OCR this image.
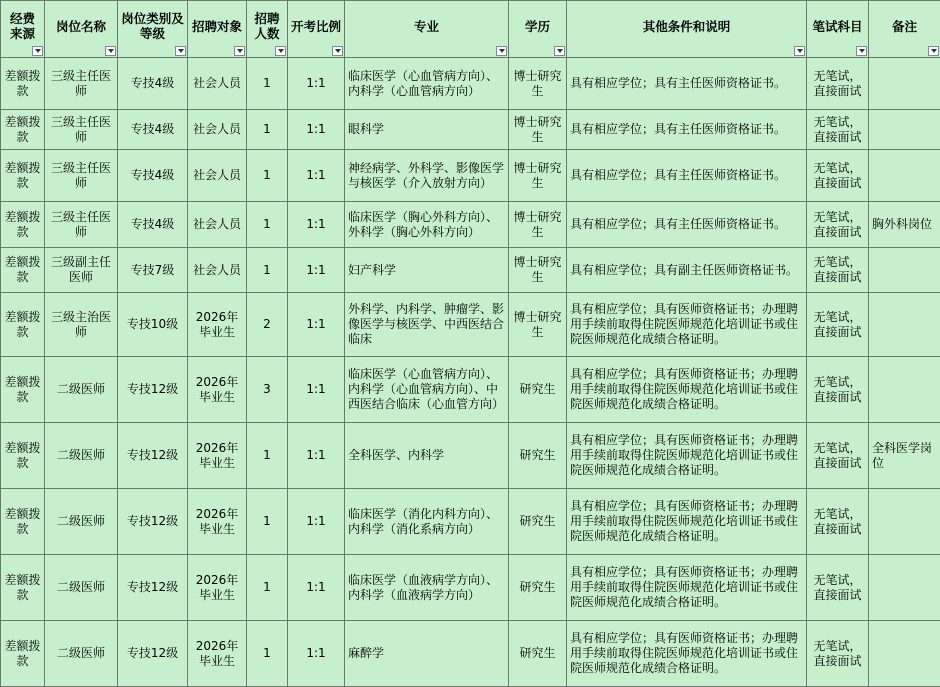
经费来源	岗位名称	岗位类别及等级	招聘对象	招聘人数	开考比例	专业	学历	其他条件和说明	笔试科目	备注

差额拨款	三级主任医师	专技4级	社会人员	1	1:1	临床医学（心血管病方向）、内科学（心血管病方向）	博士研究生	具有相应学位；具有主任医师资格证书。	无笔试，直接面试	
差额拨款	三级主任医师	专技4级	社会人员	1	1:1	眼科学	博士研究生	具有相应学位；具有主任医师资格证书。	无笔试，直接面试	
差额拨款	三级主任医师	专技4级	社会人员	1	1:1	神经病学、外科学、影像医学与核医学（介入放射方向）	博士研究生	具有相应学位；具有主任医师资格证书。	无笔试，直接面试	
差额拨款	三级主任医师	专技4级	社会人员	1	1:1	临床医学（胸心外科方向）、外科学（胸心外科方向）	博士研究生	具有相应学位；具有主任医师资格证书。	无笔试，直接面试	胸外科岗位
差额拨款	三级副主任医师	专技7级	社会人员	1	1:1	妇产科学	博士研究生	具有相应学位；具有副主任医师资格证书。	无笔试，直接面试	
差额拨款	三级主治医师	专技10级	2026年毕业生	2	1:1	外科学、内科学、肿瘤学、影像医学与核医学、中西医结合临床	博士研究生	具有相应学位；具有医师资格证书；办理聘用手续前取得住院医师规范化培训证书或住院医师规范化成绩合格证明。	无笔试，直接面试	
差额拨款	二级医师	专技12级	2026年毕业生	3	1:1	临床医学（心血管病方向）、内科学（心血管病方向）、中西医结合临床（心血管方向）	研究生	具有相应学位；具有医师资格证书；办理聘用手续前取得住院医师规范化培训证书或住院医师规范化成绩合格证明。	无笔试，直接面试	
差额拨款	二级医师	专技12级	2026年毕业生	1	1:1	全科医学、内科学	研究生	具有相应学位；具有医师资格证书；办理聘用手续前取得住院医师规范化培训证书或住院医师规范化成绩合格证明。	无笔试，直接面试	全科医学岗位
差额拨款	二级医师	专技12级	2026年毕业生	1	1:1	临床医学（消化内科方向）、内科学（消化系病方向）	研究生	具有相应学位；具有医师资格证书；办理聘用手续前取得住院医师规范化培训证书或住院医师规范化成绩合格证明。	无笔试，直接面试	
差额拨款	二级医师	专技12级	2026年毕业生	1	1:1	临床医学（血液病学方向）、内科学（血液病学方向）	研究生	具有相应学位；具有医师资格证书；办理聘用手续前取得住院医师规范化培训证书或住院医师规范化成绩合格证明。	无笔试，直接面试	
差额拨款	二级医师	专技12级	2026年毕业生	1	1:1	麻醉学	研究生	具有相应学位；具有医师资格证书；办理聘用手续前取得住院医师规范化培训证书或住院医师规范化成绩合格证明。	无笔试，直接面试	
